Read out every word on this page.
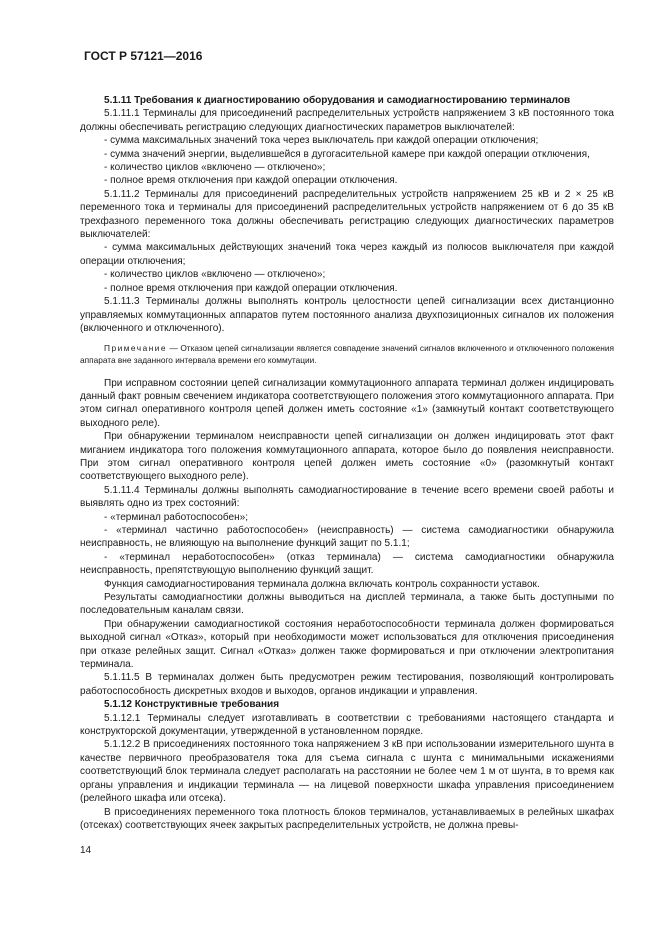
ГОСТ Р 57121—2016

5.1.11 Требования к диагностированию оборудования и самодиагностированию терминалов

5.1.11.1 Терминалы для присоединений распределительных устройств напряжением 3 кВ постоянного тока должны обеспечивать регистрацию следующих диагностических параметров выключателей:

- сумма максимальных значений тока через выключатель при каждой операции отключения;

- сумма значений энергии, выделившейся в дугогасительной камере при каждой операции отключения,

- количество циклов «включено — отключено»;

- полное время отключения при каждой операции отключения.

5.1.11.2 Терминалы для присоединений распределительных устройств напряжением 25 кВ и 2 × 25 кВ переменного тока и терминалы для присоединений распределительных устройств напряжением от 6 до 35 кВ трехфазного переменного тока должны обеспечивать регистрацию следующих диагностических параметров выключателей:

- сумма максимальных действующих значений тока через каждый из полюсов выключателя при каждой операции отключения;

- количество циклов «включено — отключено»;

- полное время отключения при каждой операции отключения.

5.1.11.3 Терминалы должны выполнять контроль целостности цепей сигнализации всех дистанционно управляемых коммутационных аппаратов путем постоянного анализа двухпозиционных сигналов их положения (включенного и отключенного).

Примечание — Отказом цепей сигнализации является совпадение значений сигналов включенного и отключенного положения аппарата вне заданного интервала времени его коммутации.

При исправном состоянии цепей сигнализации коммутационного аппарата терминал должен индицировать данный факт ровным свечением индикатора соответствующего положения этого коммутационного аппарата. При этом сигнал оперативного контроля цепей должен иметь состояние «1» (замкнутый контакт соответствующего выходного реле).

При обнаружении терминалом неисправности цепей сигнализации он должен индицировать этот факт миганием индикатора того положения коммутационного аппарата, которое было до появления неисправности. При этом сигнал оперативного контроля цепей должен иметь состояние «0» (разомкнутый контакт соответствующего выходного реле).

5.1.11.4 Терминалы должны выполнять самодиагностирование в течение всего времени своей работы и выявлять одно из трех состояний:

- «терминал работоспособен»;

- «терминал частично работоспособен» (неисправность) — система самодиагностики обнаружила неисправность, не влияющую на выполнение функций защит по 5.1.1;

- «терминал неработоспособен» (отказ терминала) — система самодиагностики обнаружила неисправность, препятствующую выполнению функций защит.

Функция самодиагностирования терминала должна включать контроль сохранности уставок.

Результаты самодиагностики должны выводиться на дисплей терминала, а также быть доступными по последовательным каналам связи.

При обнаружении самодиагностикой состояния неработоспособности терминала должен формироваться выходной сигнал «Отказ», который при необходимости может использоваться для отключения присоединения при отказе релейных защит. Сигнал «Отказ» должен также формироваться и при отключении электропитания терминала.

5.1.11.5 В терминалах должен быть предусмотрен режим тестирования, позволяющий контролировать работоспособность дискретных входов и выходов, органов индикации и управления.

5.1.12 Конструктивные требования

5.1.12.1 Терминалы следует изготавливать в соответствии с требованиями настоящего стандарта и конструкторской документации, утвержденной в установленном порядке.

5.1.12.2 В присоединениях постоянного тока напряжением 3 кВ при использовании измерительного шунта в качестве первичного преобразователя тока для съема сигнала с шунта с минимальными искажениями соответствующий блок терминала следует располагать на расстоянии не более чем 1 м от шунта, в то время как органы управления и индикации терминала — на лицевой поверхности шкафа управления присоединением (релейного шкафа или отсека).

В присоединениях переменного тока плотность блоков терминалов, устанавливаемых в релейных шкафах (отсеках) соответствующих ячеек закрытых распределительных устройств, не должна превы-

14
